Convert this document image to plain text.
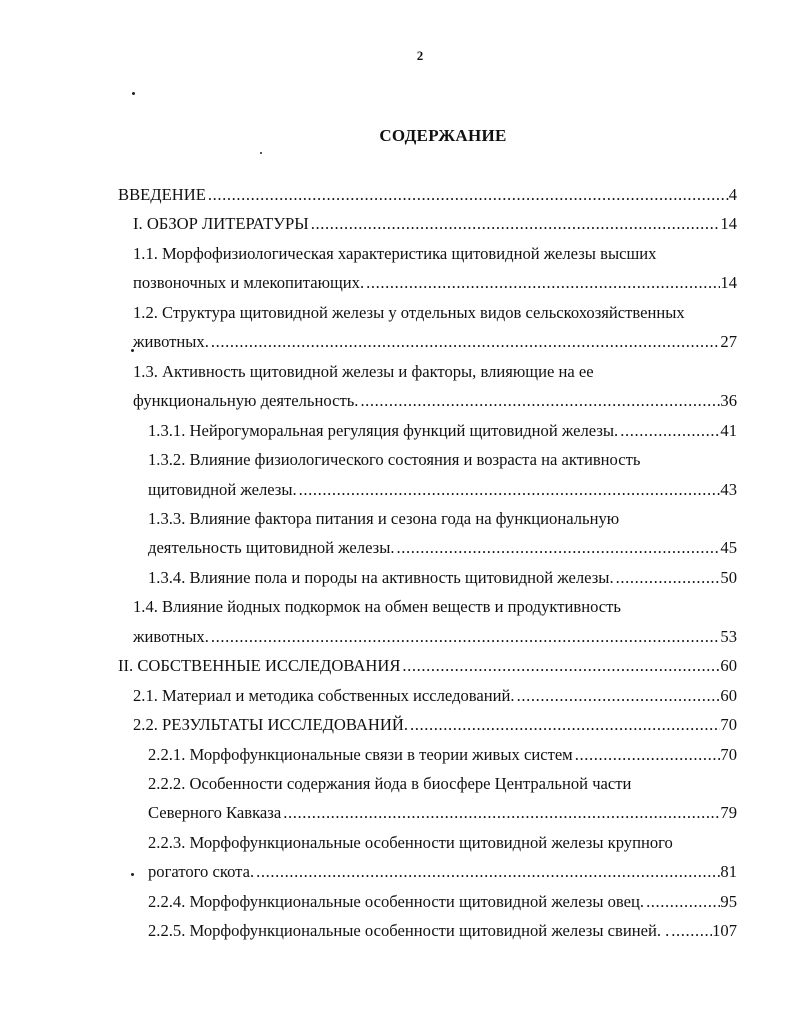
2
СОДЕРЖАНИЕ
ВВЕДЕНИЕ .....	4
I. ОБЗОР ЛИТЕРАТУРЫ .....	14
1.1. Морфофизиологическая характеристика щитовидной железы высших
позвоночных и млекопитающих. .....	14
1.2. Структура щитовидной железы у отдельных видов сельскохозяйственных
животных. .....	27
1.3. Активность щитовидной железы и факторы, влияющие на ее
функциональную деятельность. .....	36
1.3.1. Нейрогуморальная регуляция функций щитовидной железы. .....	41
1.3.2. Влияние физиологического состояния и возраста на активность
щитовидной железы. .....	43
1.3.3. Влияние фактора питания и сезона года на функциональную
деятельность щитовидной железы. .....	45
1.3.4. Влияние пола и породы на активность щитовидной железы. .....	50
1.4. Влияние йодных подкормок на обмен веществ и продуктивность
животных. .....	53
II. СОБСТВЕННЫЕ ИССЛЕДОВАНИЯ .....	60
2.1. Материал и методика собственных исследований. .....	60
2.2. РЕЗУЛЬТАТЫ ИССЛЕДОВАНИЙ. .....	70
2.2.1. Морфофункциональные связи в теории живых систем .....	70
2.2.2. Особенности содержания йода в биосфере Центральной части
Северного Кавказа .....	79
2.2.3. Морфофункциональные особенности щитовидной железы крупного
рогатого скота. .....	81
2.2.4. Морфофункциональные особенности щитовидной железы овец. .....	95
2.2.5. Морфофункциональные особенности щитовидной железы свиней. . .....	107
